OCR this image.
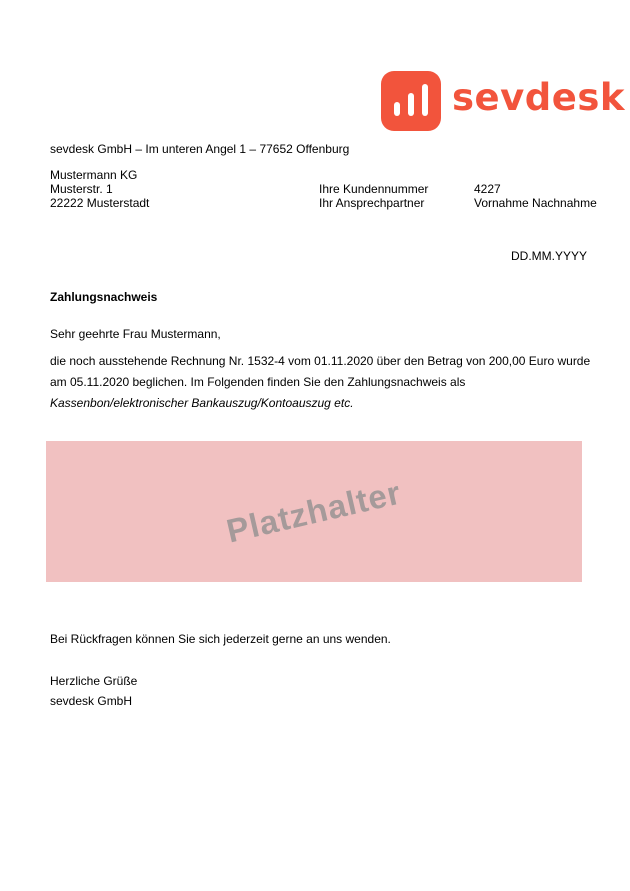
sevdesk
sevdesk GmbH – Im unteren Angel 1 – 77652 Offenburg
Mustermann KG
Musterstr. 1
22222 Musterstadt
Ihre Kundennummer	4227
Ihr Ansprechpartner	Vornahme Nachnahme
DD.MM.YYYY
Zahlungsnachweis
Sehr geehrte Frau Mustermann,
die noch ausstehende Rechnung Nr. 1532-4 vom 01.11.2020 über den Betrag von 200,00 Euro wurde
am 05.11.2020 beglichen. Im Folgenden finden Sie den Zahlungsnachweis als
Kassenbon/elektronischer Bankauszug/Kontoauszug etc.
Platzhalter
Bei Rückfragen können Sie sich jederzeit gerne an uns wenden.
Herzliche Grüße
sevdesk GmbH
